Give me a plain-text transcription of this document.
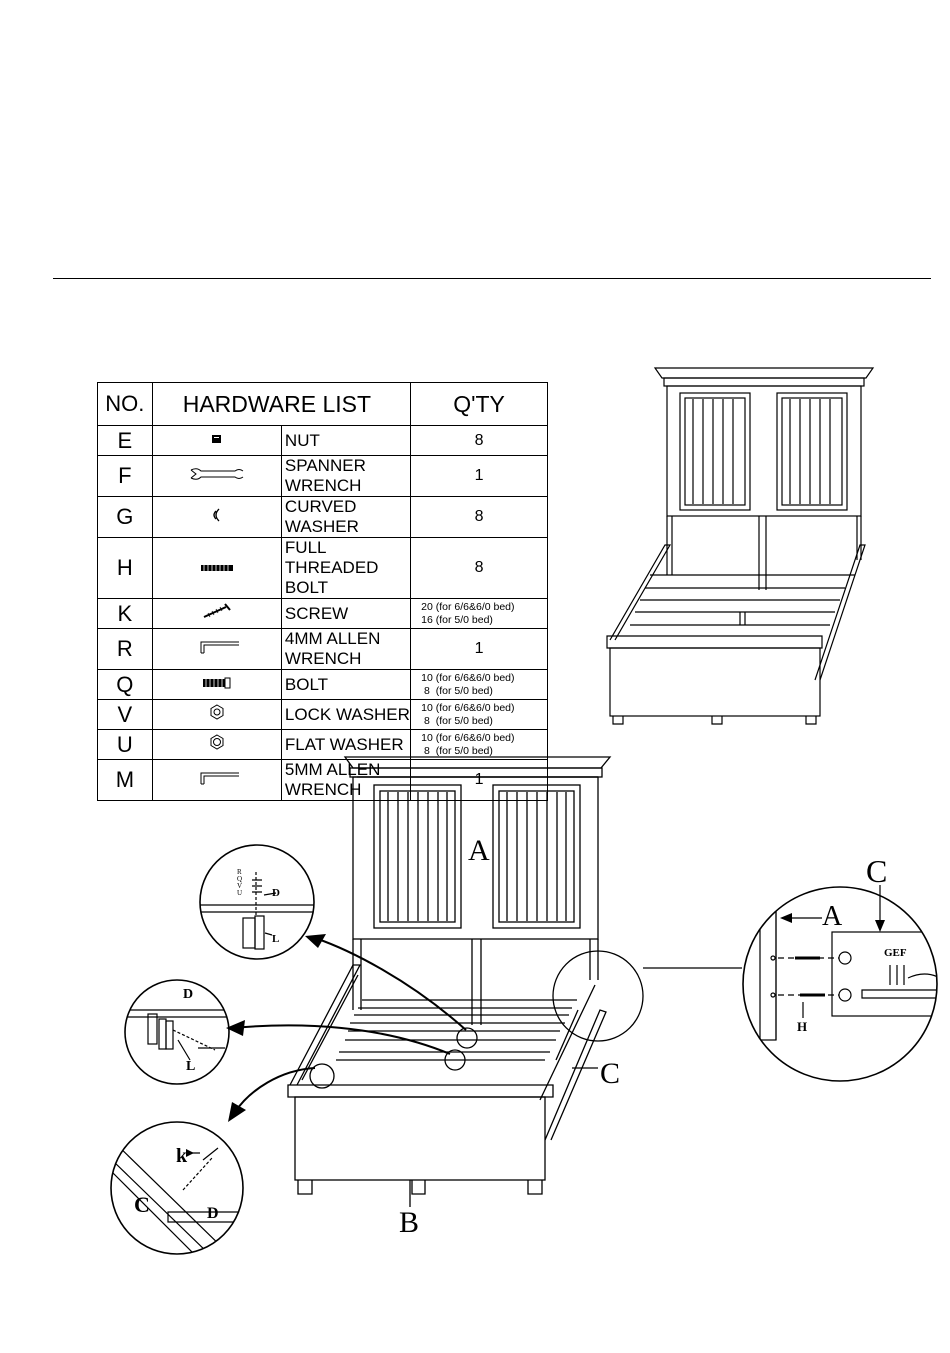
NO.	HARDWARE LIST		Q'TY
E		NUT	8
F		SPANNER WRENCH	1
G		CURVED WASHER	8
H		FULL THREADED BOLT	8
K		SCREW	20 (for 6/6&6/0 bed)
16 (for 5/0 bed)

R		4MM ALLEN WRENCH	1
Q		BOLT	10 (for 6/6&6/0 bed)
8  (for 5/0 bed)

V		LOCK WASHER	10 (for 6/6&6/0 bed)
8  (for 5/0 bed)

U		FLAT WASHER	10 (for 6/6&6/0 bed)
8  (for 5/0 bed)

M		5MM ALLEN WRENCH	1
A
B
C
D
L
R
Q
V
U
D
L
k
C	D
A
C
GEF
H
